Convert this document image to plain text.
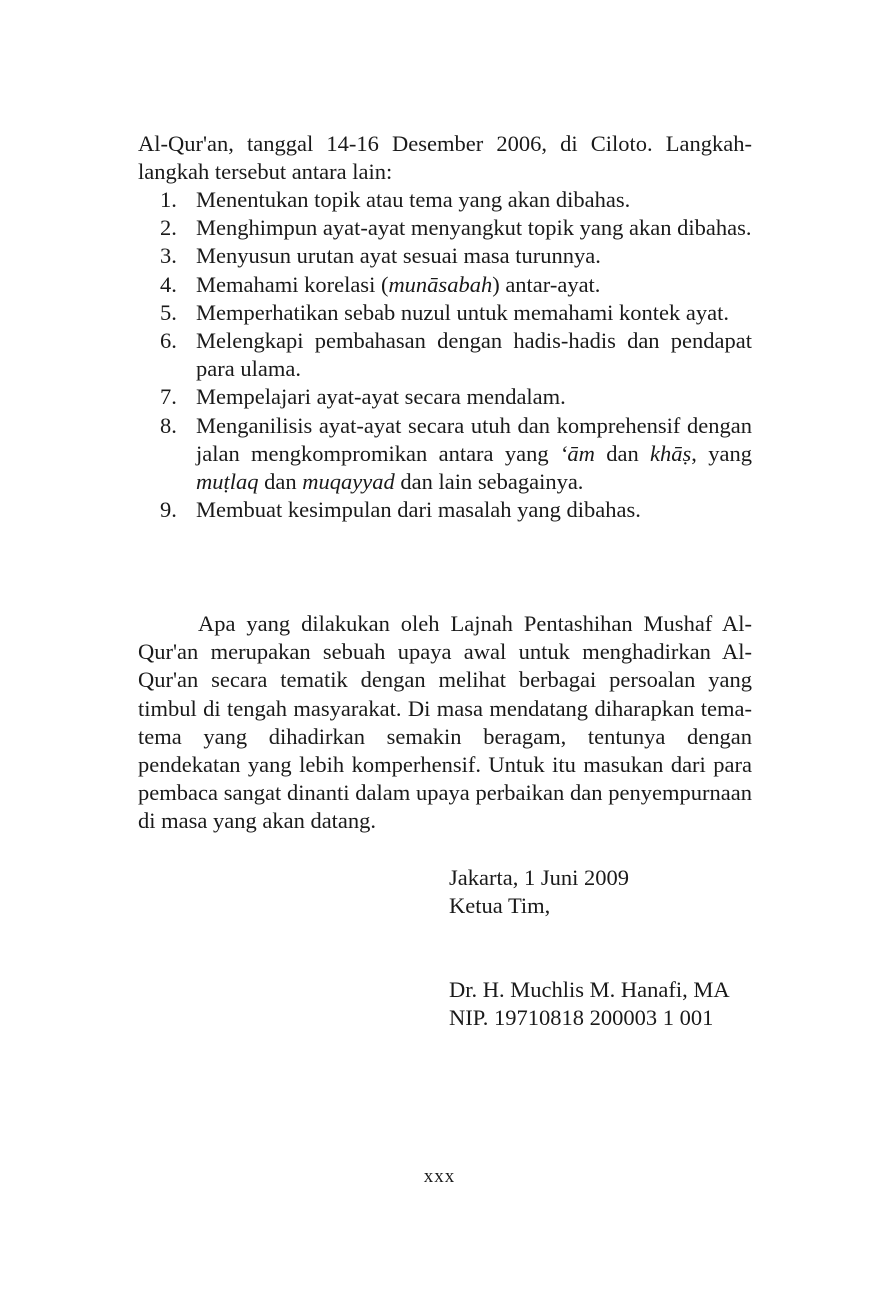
Al-Qur'an, tanggal 14-16 Desember 2006, di Ciloto. Langkah-langkah tersebut antara lain:
1. Menentukan topik atau tema yang akan dibahas.
2. Menghimpun ayat-ayat menyangkut topik yang akan dibahas.
3. Menyusun urutan ayat sesuai masa turunnya.
4. Memahami korelasi (munāsabah) antar-ayat.
5. Memperhatikan sebab nuzul untuk memahami kontek ayat.
6. Melengkapi pembahasan dengan hadis-hadis dan pendapat para ulama.
7. Mempelajari ayat-ayat secara mendalam.
8. Menganilisis ayat-ayat secara utuh dan komprehensif dengan jalan mengkompromikan antara yang ‘ām dan khāṣ, yang muṭlaq dan muqayyad dan lain sebagainya.
9. Membuat kesimpulan dari masalah yang dibahas.
Apa yang dilakukan oleh Lajnah Pentashihan Mushaf Al-Qur'an merupakan sebuah upaya awal untuk menghadirkan Al-Qur'an secara tematik dengan melihat berbagai persoalan yang timbul di tengah masyarakat. Di masa mendatang diharapkan tema-tema yang dihadirkan semakin beragam, tentunya dengan pendekatan yang lebih komperhensif. Untuk itu masukan dari para pembaca sangat dinanti dalam upaya perbaikan dan penyempurnaan di masa yang akan datang.
Jakarta, 1 Juni 2009
Ketua Tim,
Dr. H. Muchlis M. Hanafi, MA
NIP. 19710818 200003 1 001
xxx
